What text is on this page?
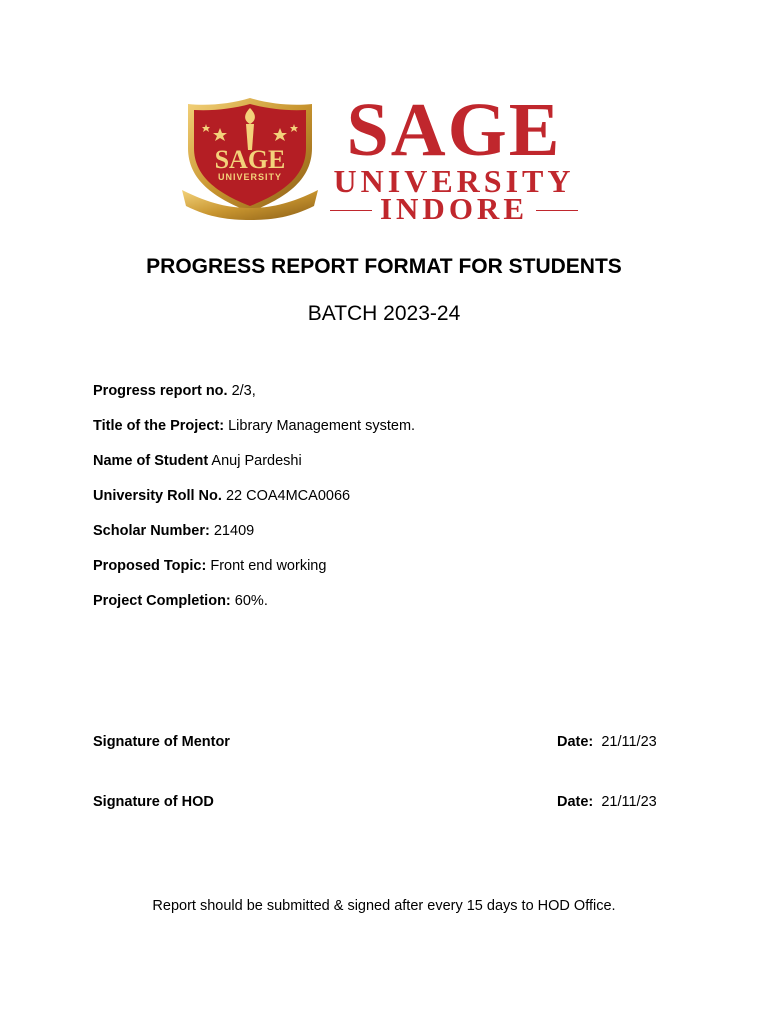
SAGE
UNIVERSITY
SAGE
UNIVERSITY
INDORE
PROGRESS REPORT FORMAT FOR STUDENTS
BATCH 2023-24
Progress report no. 2/3,
Title of the Project: Library Management system.
Name of Student Anuj Pardeshi
University Roll No. 22 COA4MCA0066
Scholar Number: 21409
Proposed Topic: Front end working
Project Completion: 60%.
Signature of Mentor	Date: 21/11/23
Signature of HOD	Date: 21/11/23
Report should be submitted & signed after every 15 days to HOD Office.
